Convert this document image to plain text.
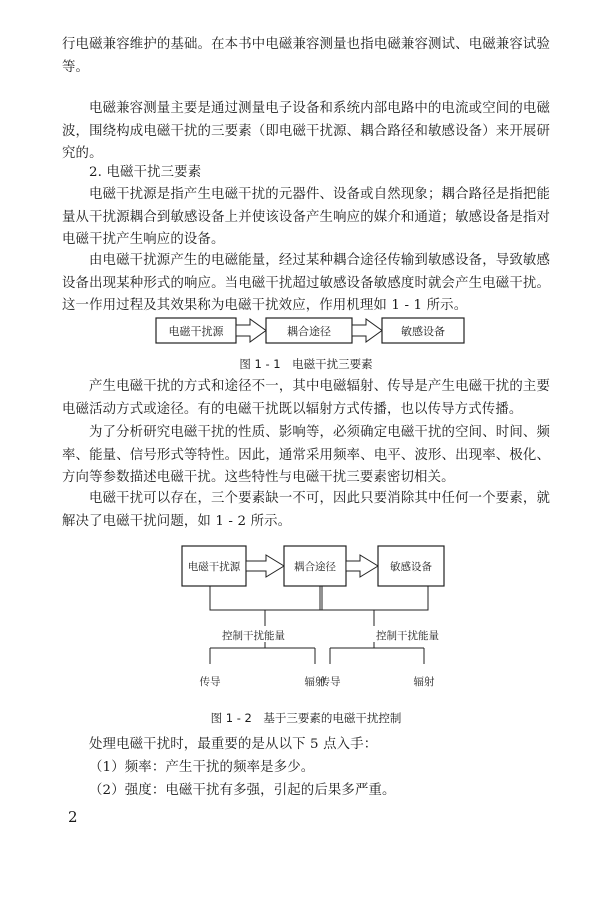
行电磁兼容维护的基础。在本书中电磁兼容测量也指电磁兼容测试、电磁兼容试验等。

电磁兼容测量主要是通过测量电子设备和系统内部电路中的电流或空间的电磁波，围绕构成电磁干扰的三要素（即电磁干扰源、耦合路径和敏感设备）来开展研究的。

2. 电磁干扰三要素

电磁干扰源是指产生电磁干扰的元器件、设备或自然现象；耦合路径是指把能量从干扰源耦合到敏感设备上并使该设备产生响应的媒介和通道；敏感设备是指对电磁干扰产生响应的设备。

由电磁干扰源产生的电磁能量，经过某种耦合途径传输到敏感设备，导致敏感设备出现某种形式的响应。当电磁干扰超过敏感设备敏感度时就会产生电磁干扰。这一作用过程及其效果称为电磁干扰效应，作用机理如 1 - 1 所示。

电磁干扰源	耦合途径	敏感设备

图 1 - 1　电磁干扰三要素

产生电磁干扰的方式和途径不一，其中电磁辐射、传导是产生电磁干扰的主要电磁活动方式或途径。有的电磁干扰既以辐射方式传播，也以传导方式传播。

为了分析研究电磁干扰的性质、影响等，必须确定电磁干扰的空间、时间、频率、能量、信号形式等特性。因此，通常采用频率、电平、波形、出现率、极化、方向等参数描述电磁干扰。这些特性与电磁干扰三要素密切相关。

电磁干扰可以存在，三个要素缺一不可，因此只要消除其中任何一个要素，就解决了电磁干扰问题，如 1 - 2 所示。

电磁干扰源	耦合途径	敏感设备
控制干扰能量	控制干扰能量
传导	辐射
传导	辐射

图 1 - 2　基于三要素的电磁干扰控制

处理电磁干扰时，最重要的是从以下 5 点入手：

（1）频率：产生干扰的频率是多少。

（2）强度：电磁干扰有多强，引起的后果多严重。

2
